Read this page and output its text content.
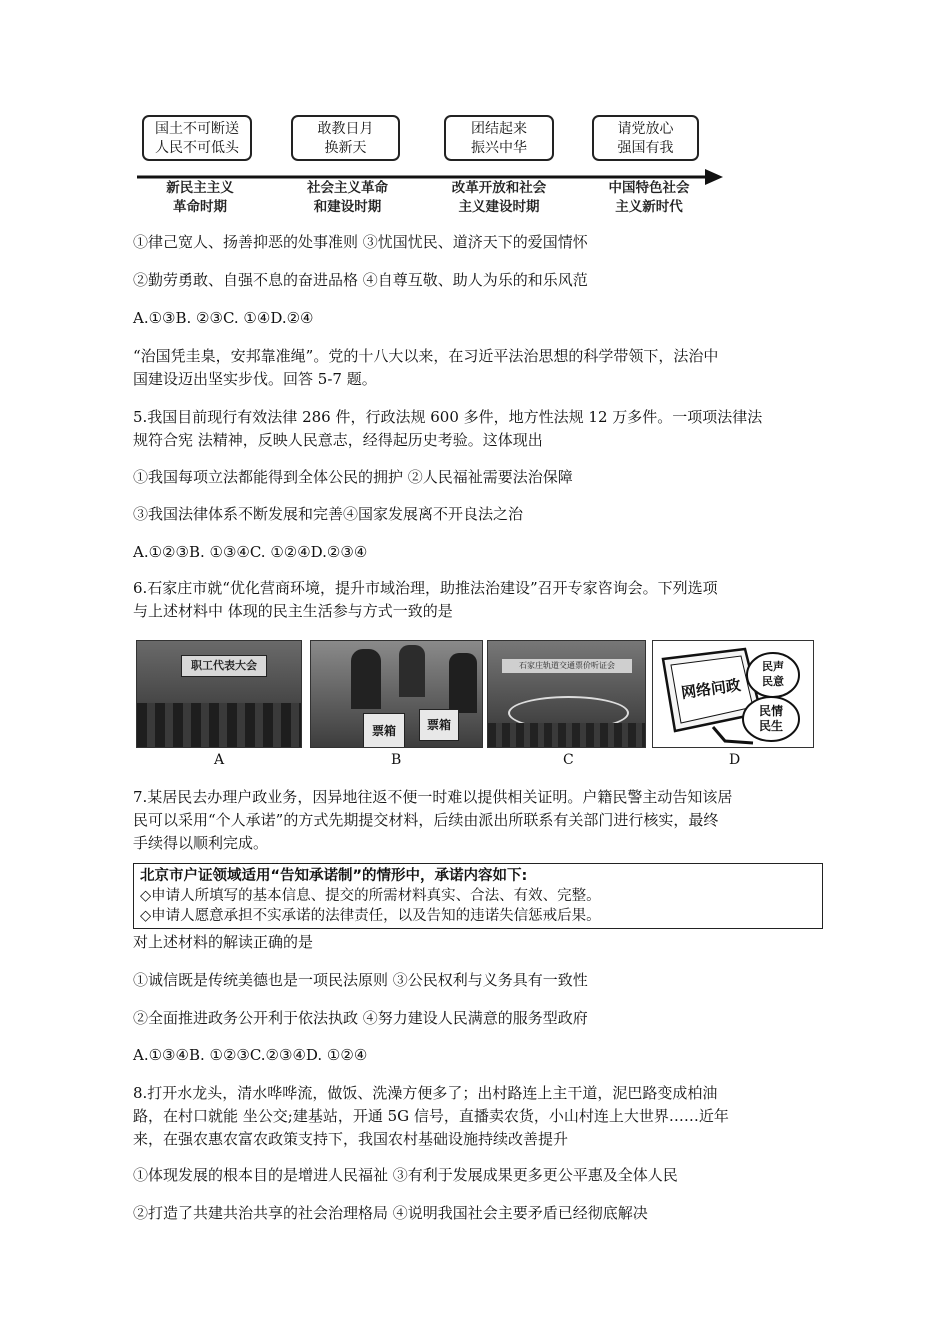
国土不可断送
人民不可低头
敢教日月
换新天
团结起来
振兴中华
请党放心
强国有我
新民主主义
革命时期
社会主义革命
和建设时期
改革开放和社会
主义建设时期
中国特色社会
主义新时代
①律己宽人、扬善抑恶的处事准则 ③忧国忧民、道济天下的爱国情怀
②勤劳勇敢、自强不息的奋进品格 ④自尊互敬、助人为乐的和乐风范
A.①③B. ②③C. ①④D.②④
“治国凭圭臬，安邦靠准绳”。党的十八大以来，在习近平法治思想的科学带领下，法治中
国建设迈出坚实步伐。回答 5-7 题。
5.我国目前现行有效法律 286 件，行政法规 600 多件，地方性法规 12 万多件。一项项法律法
规符合宪 法精神，反映人民意志，经得起历史考验。这体现出
①我国每项立法都能得到全体公民的拥护 ②人民福祉需要法治保障
③我国法律体系不断发展和完善④国家发展离不开良法之治
A.①②③B. ①③④C. ①②④D.②③④
6.石家庄市就“优化营商环境，提升市域治理，助推法治建设”召开专家咨询会。下列选项
与上述材料中 体现的民主生活参与方式一致的是
职工代表大会
票箱	票箱
石家庄轨道交通票价听证会
网络问政
民声
民意
民情
民生
A	B	C	D
7.某居民去办理户政业务，因异地往返不便一时难以提供相关证明。户籍民警主动告知该居
民可以采用“个人承诺”的方式先期提交材料，后续由派出所联系有关部门进行核实，最终
手续得以顺利完成。
北京市户证领域适用“告知承诺制”的情形中，承诺内容如下:
◇申请人所填写的基本信息、提交的所需材料真实、合法、有效、完整。
◇申请人愿意承担不实承诺的法律责任，以及告知的违诺失信惩戒后果。
对上述材料的解读正确的是
①诚信既是传统美德也是一项民法原则 ③公民权利与义务具有一致性
②全面推进政务公开利于依法执政 ④努力建设人民满意的服务型政府
A.①③④B. ①②③C.②③④D. ①②④
8.打开水龙头，清水哗哗流，做饭、洗澡方便多了；出村路连上主干道，泥巴路变成柏油
路，在村口就能 坐公交;建基站，开通 5G 信号，直播卖农货，小山村连上大世界……近年
来，在强农惠农富农政策支持下，我国农村基础设施持续改善提升
①体现发展的根本目的是增进人民福祉 ③有利于发展成果更多更公平惠及全体人民
②打造了共建共治共享的社会治理格局 ④说明我国社会主要矛盾已经彻底解决
